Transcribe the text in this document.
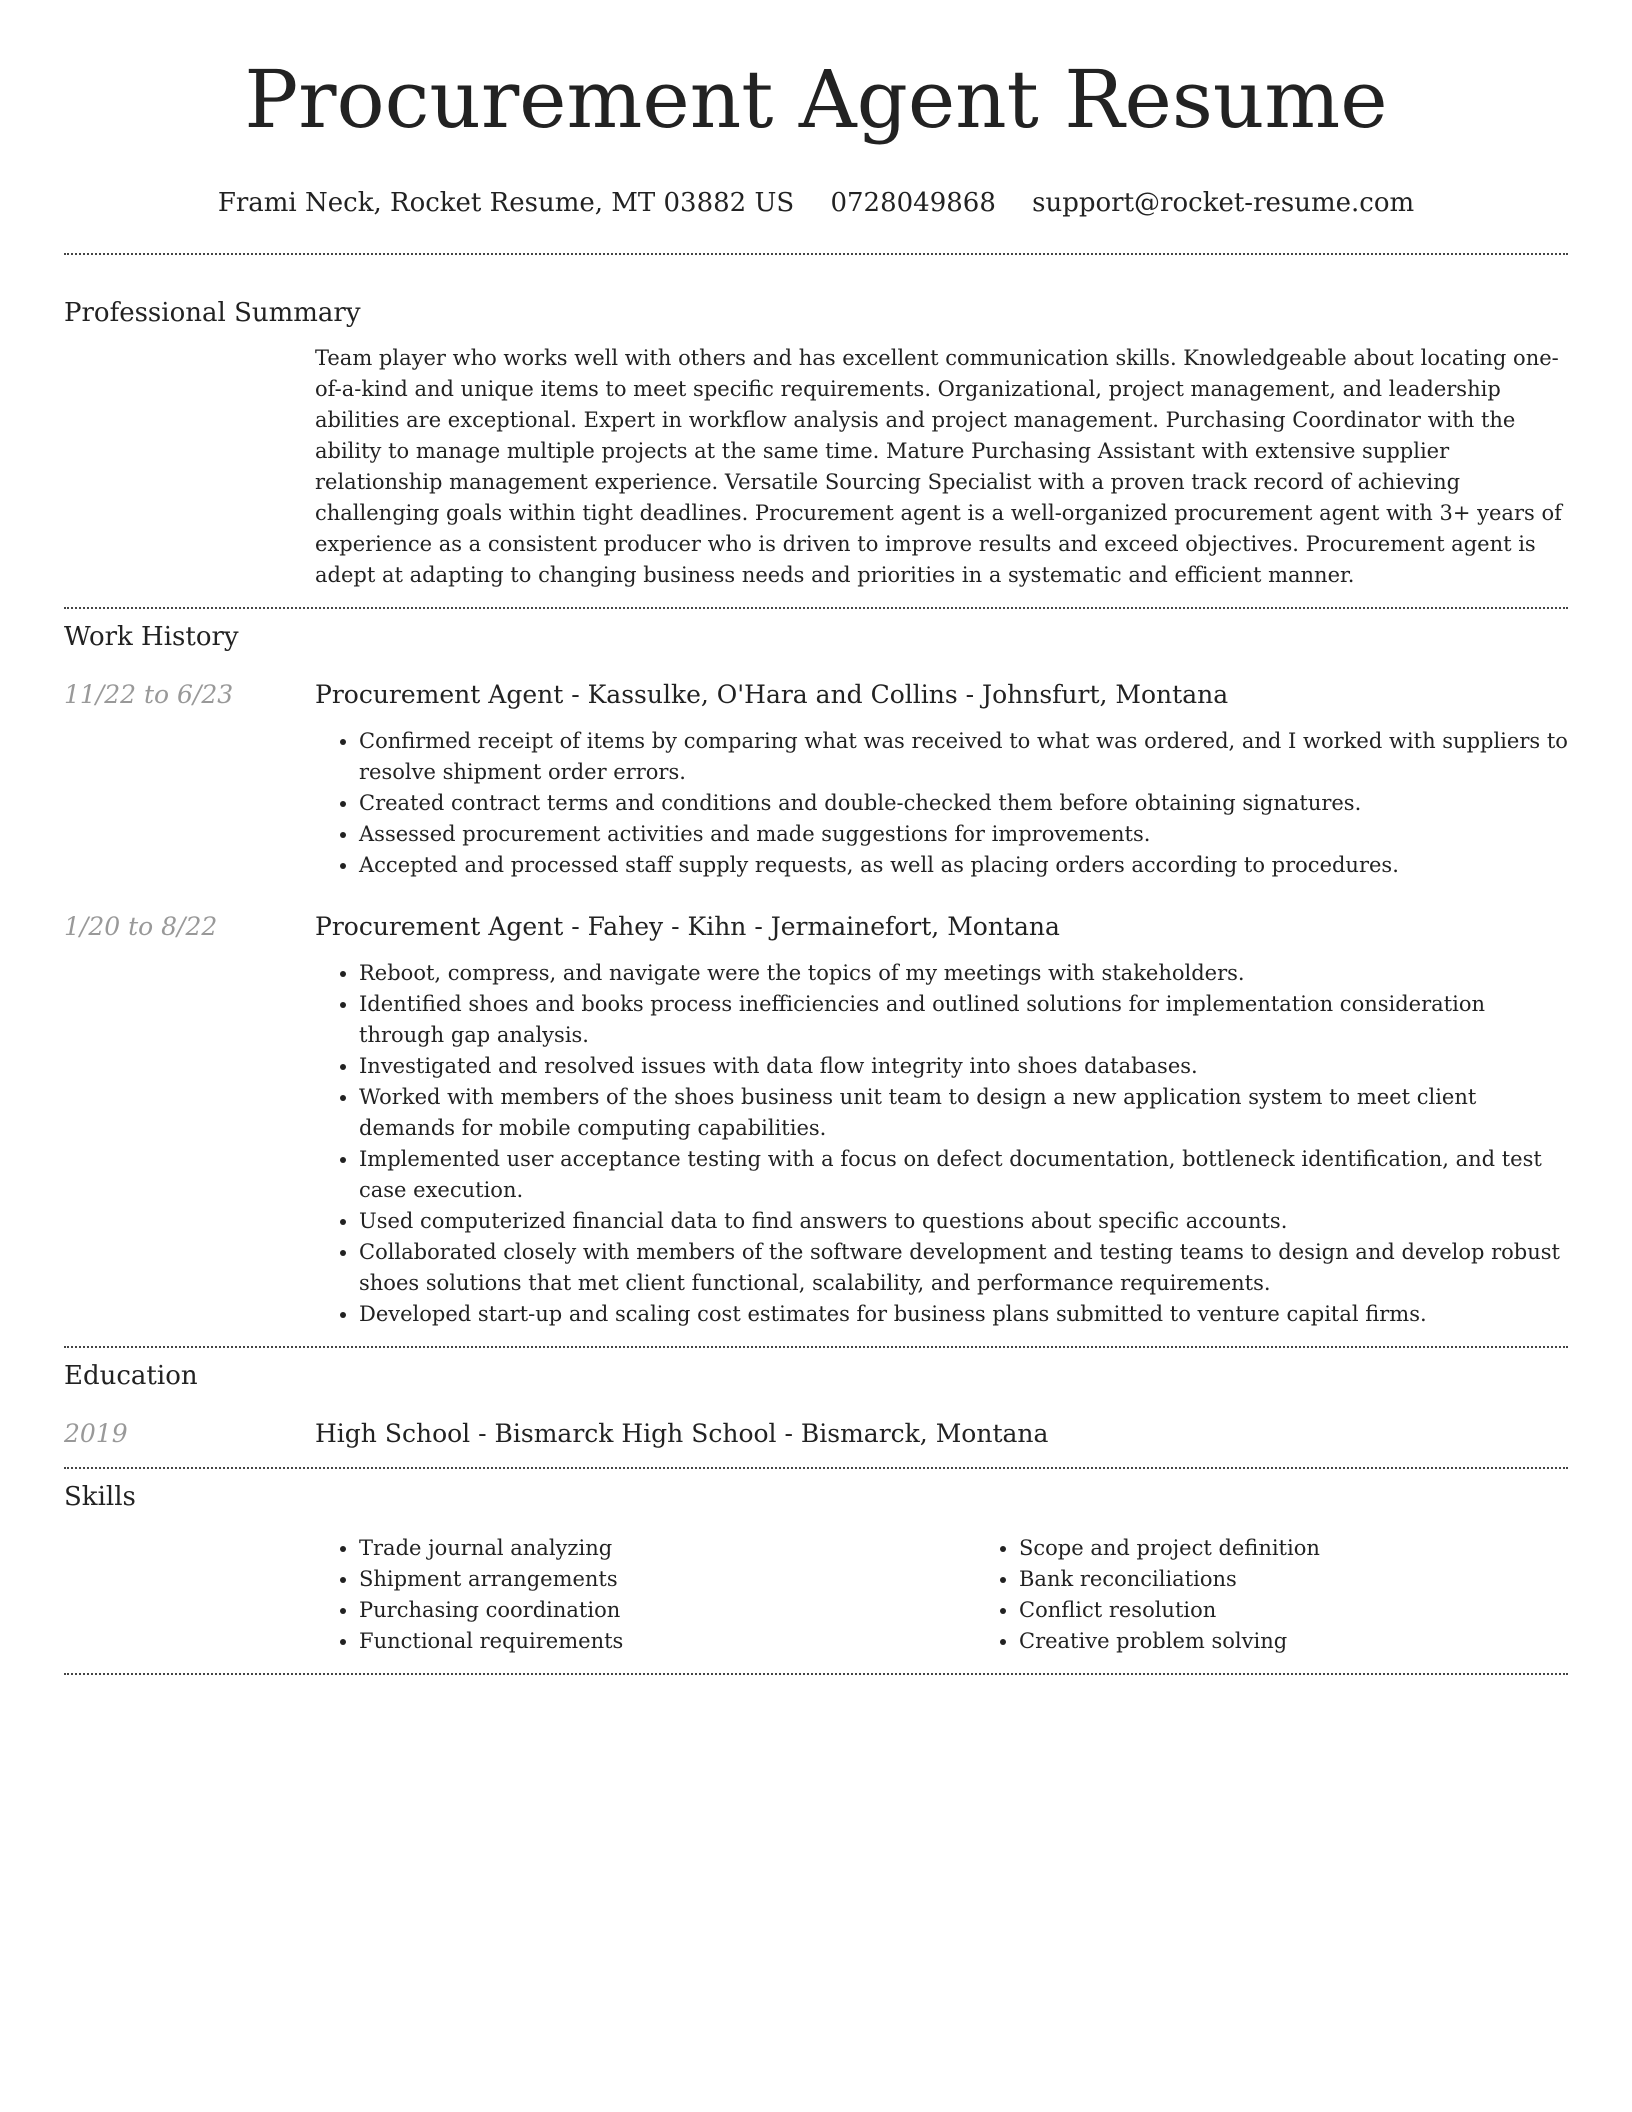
Procurement Agent Resume
Frami Neck, Rocket Resume, MT 03882 US 0728049868 support@rocket-resume.com
Professional Summary

Team player who works well with others and has excellent communication skills. Knowledgeable about locating one-of-a-kind and unique items to meet specific requirements. Organizational, project management, and leadership abilities are exceptional. Expert in workflow analysis and project management. Purchasing Coordinator with the ability to manage multiple projects at the same time. Mature Purchasing Assistant with extensive supplier relationship management experience. Versatile Sourcing Specialist with a proven track record of achieving challenging goals within tight deadlines. Procurement agent is a well-organized procurement agent with 3+ years of experience as a consistent producer who is driven to improve results and exceed objectives. Procurement agent is adept at adapting to changing business needs and priorities in a systematic and efficient manner.

Work History
11/22 to 6/23	Procurement Agent - Kassulke, O'Hara and Collins - Johnsfurt, Montana
• Confirmed receipt of items by comparing what was received to what was ordered, and I worked with suppliers to resolve shipment order errors.
• Created contract terms and conditions and double-checked them before obtaining signatures.
• Assessed procurement activities and made suggestions for improvements.
• Accepted and processed staff supply requests, as well as placing orders according to procedures.
1/20 to 8/22	Procurement Agent - Fahey - Kihn - Jermainefort, Montana
• Reboot, compress, and navigate were the topics of my meetings with stakeholders.
• Identified shoes and books process inefficiencies and outlined solutions for implementation consideration through gap analysis.
• Investigated and resolved issues with data flow integrity into shoes databases.
• Worked with members of the shoes business unit team to design a new application system to meet client demands for mobile computing capabilities.
• Implemented user acceptance testing with a focus on defect documentation, bottleneck identification, and test case execution.
• Used computerized financial data to find answers to questions about specific accounts.
• Collaborated closely with members of the software development and testing teams to design and develop robust shoes solutions that met client functional, scalability, and performance requirements.
• Developed start-up and scaling cost estimates for business plans submitted to venture capital firms.
Education
2019	High School - Bismarck High School - Bismarck, Montana
Skills
• Trade journal analyzing
• Shipment arrangements
• Purchasing coordination
• Functional requirements
• Scope and project definition
• Bank reconciliations
• Conflict resolution
• Creative problem solving
